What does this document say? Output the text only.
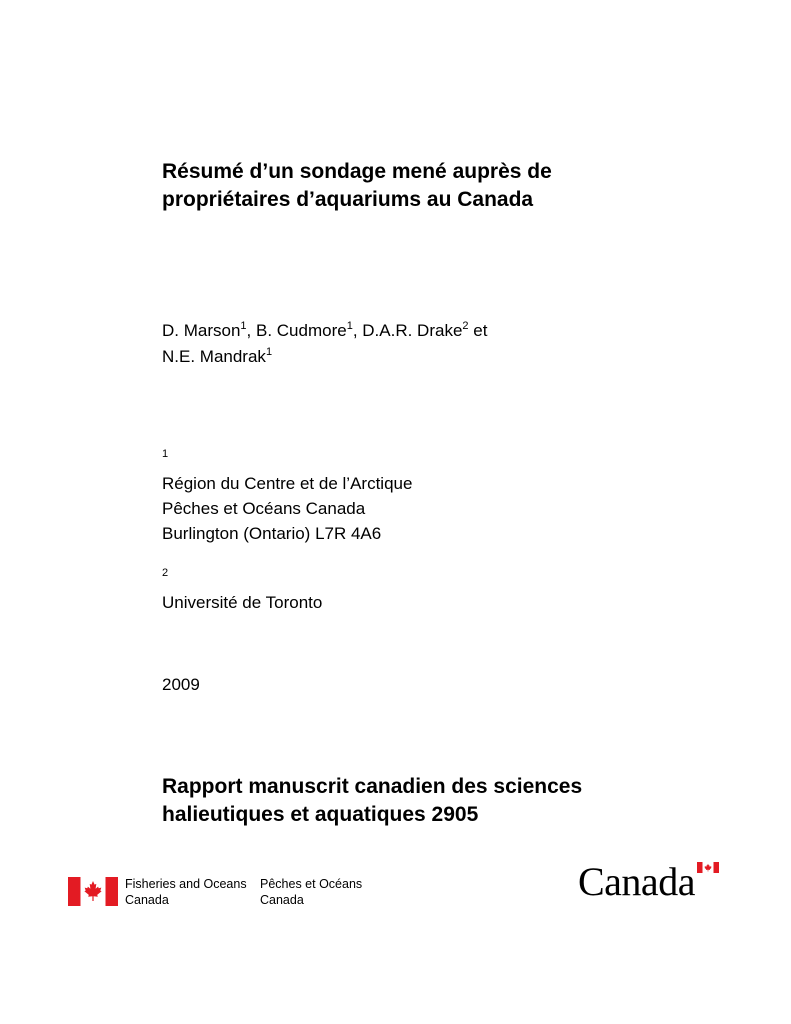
Résumé d’un sondage mené auprès de
propriétaires d’aquariums au Canada
D. Marson$^1$, B. Cudmore$^1$, D.A.R. Drake$^2$ et
N.E. Mandrak$^1$
$^1$
Région du Centre et de l’Arctique
Pêches et Océans Canada
Burlington (Ontario) L7R 4A6
$^2$
Université de Toronto
2009
Rapport manuscrit canadien des sciences
halieutiques et aquatiques 2905
Fisheries and Oceans
Canada
Pêches et Océans
Canada	Canada
